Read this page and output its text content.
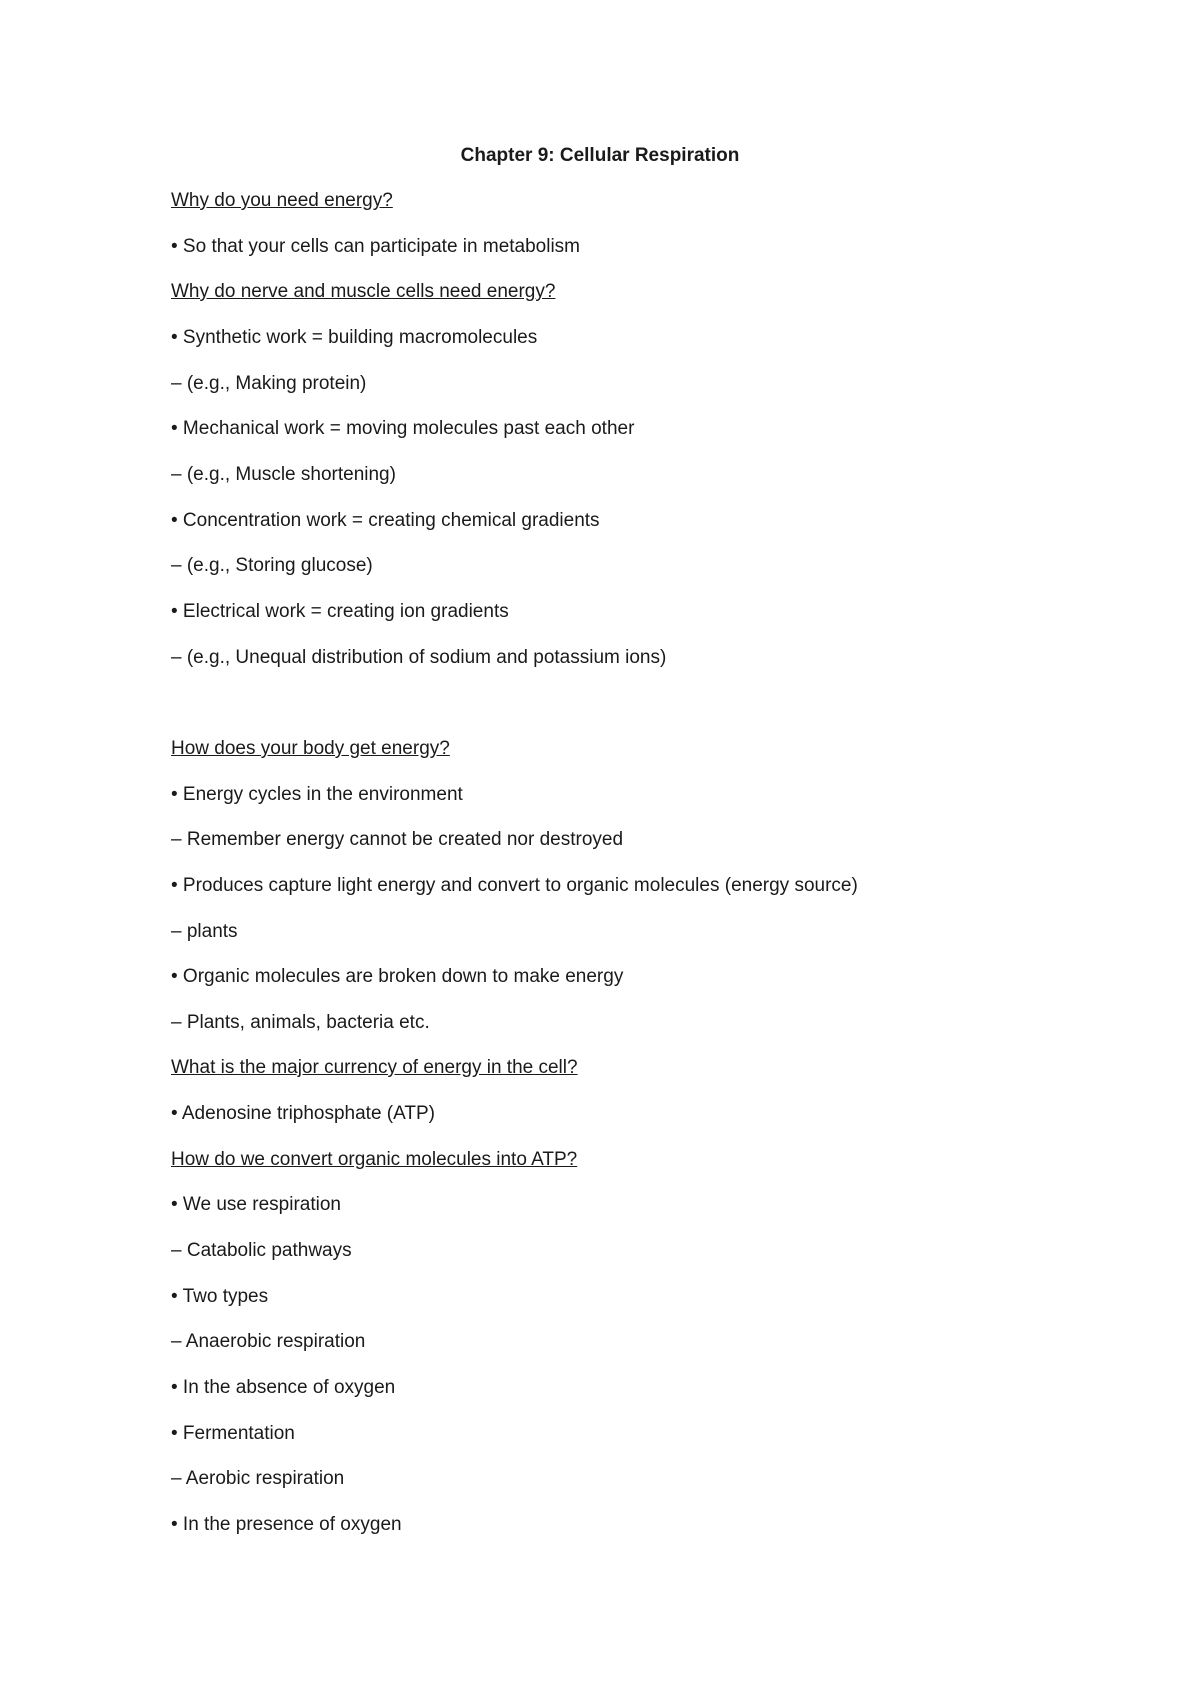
Chapter 9: Cellular Respiration
Why do you need energy?
• So that your cells can participate in metabolism
Why do nerve and muscle cells need energy?
• Synthetic work = building macromolecules
– (e.g., Making protein)
• Mechanical work = moving molecules past each other
– (e.g., Muscle shortening)
• Concentration work = creating chemical gradients
– (e.g., Storing glucose)
• Electrical work = creating ion gradients
– (e.g., Unequal distribution of sodium and potassium ions)
How does your body get energy?
• Energy cycles in the environment
– Remember energy cannot be created nor destroyed
• Produces capture light energy and convert to organic molecules (energy source)
– plants
• Organic molecules are broken down to make energy
– Plants, animals, bacteria etc.
What is the major currency of energy in the cell?
• Adenosine triphosphate (ATP)
How do we convert organic molecules into ATP?
• We use respiration
– Catabolic pathways
• Two types
– Anaerobic respiration
• In the absence of oxygen
• Fermentation
– Aerobic respiration
• In the presence of oxygen
